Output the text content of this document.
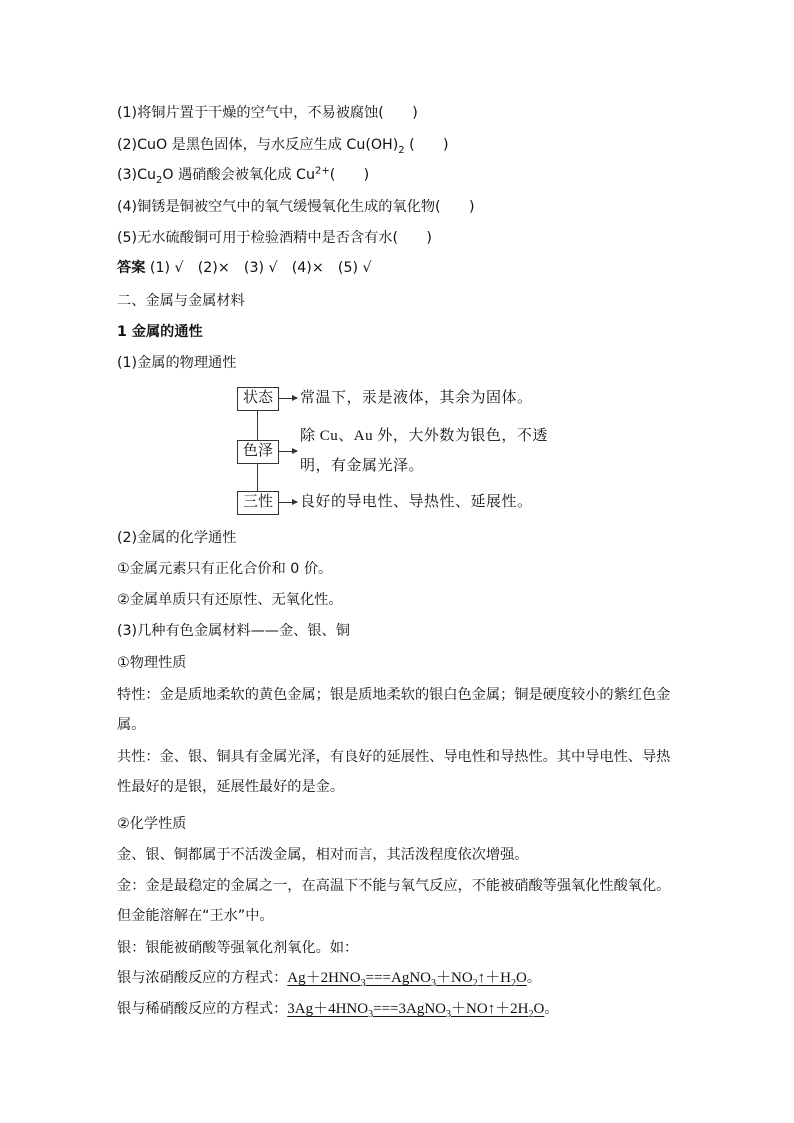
(1)将铜片置于干燥的空气中，不易被腐蚀(　　)
(2)CuO 是黑色固体，与水反应生成 $Cu(OH)_2$ (　　)
$(3)Cu_2O$ 遇硝酸会被氧化成 $Cu^{2+}$(　　)
(4)铜锈是铜被空气中的氧气缓慢氧化生成的氧化物(　　)
(5)无水硫酸铜可用于检验酒精中是否含有水(　　)
答案 (1) √　(2)×　(3) √　(4)×　(5) √
二、金属与金属材料
1 金属的通性
(1)金属的物理通性
状态	常温下，汞是液体，其余为固体。
色泽
除 Cu、Au 外，大外数为银色，不透
明，有金属光泽。
三性	良好的导电性、导热性、延展性。
(2)金属的化学通性
①金属元素只有正化合价和 0 价。
②金属单质只有还原性、无氧化性。
(3)几种有色金属材料——金、银、铜
①物理性质
特性：金是质地柔软的黄色金属；银是质地柔软的银白色金属；铜是硬度较小的紫红色金属。
共性：金、银、铜具有金属光泽，有良好的延展性、导电性和导热性。其中导电性、导热性最好的是银，延展性最好的是金。
②化学性质
金、银、铜都属于不活泼金属，相对而言，其活泼程度依次增强。
金：金是最稳定的金属之一，在高温下不能与氧气反应，不能被硝酸等强氧化性酸氧化。但金能溶解在“王水”中。
银：银能被硝酸等强氧化剂氧化。如：
银与浓硝酸反应的方程式：$Ag+2HNO_3===AgNO_3+NO_2↑+H_2O$。
银与稀硝酸反应的方程式：$3Ag+4HNO_3===3AgNO_3+NO↑+2H_2O$。
